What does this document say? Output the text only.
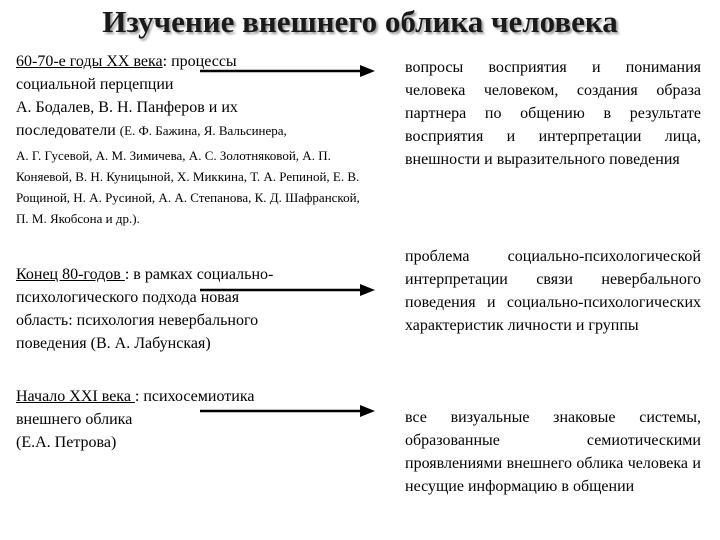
Изучение внешнего облика человека
60-70-е годы XX века: процессы
социальной перцепции
А. Бодалев, В. Н. Панферов и их
последователи (Е. Ф. Бажина, Я. Вальсинера,
А. Г. Гусевой, А. М. Зимичева, А. С. Золотняковой, А. П. Коняевой, В. Н. Куницыной, Х. Миккина, Т. А. Репиной, Е. В. Рощиной, Н. А. Русиной, А. А. Степанова, К. Д. Шафранской, П. М. Якобсона и др.).
вопросы восприятия и понимания человека человеком, создания образа партнера по общению в результате восприятия и интерпретации лица, внешности и выразительного поведения
Конец 80-годов : в рамках социально-
психологического подхода новая
область: психология невербального
поведения (В. А. Лабунская)
проблема социально-психологической интерпретации связи невербального поведения и социально-психологических характеристик личности и группы
Начало XXI века : психосемиотика
внешнего облика
(Е.А. Петрова)
все визуальные знаковые системы, образованные семиотическими проявлениями внешнего облика человека и несущие информацию в общении
